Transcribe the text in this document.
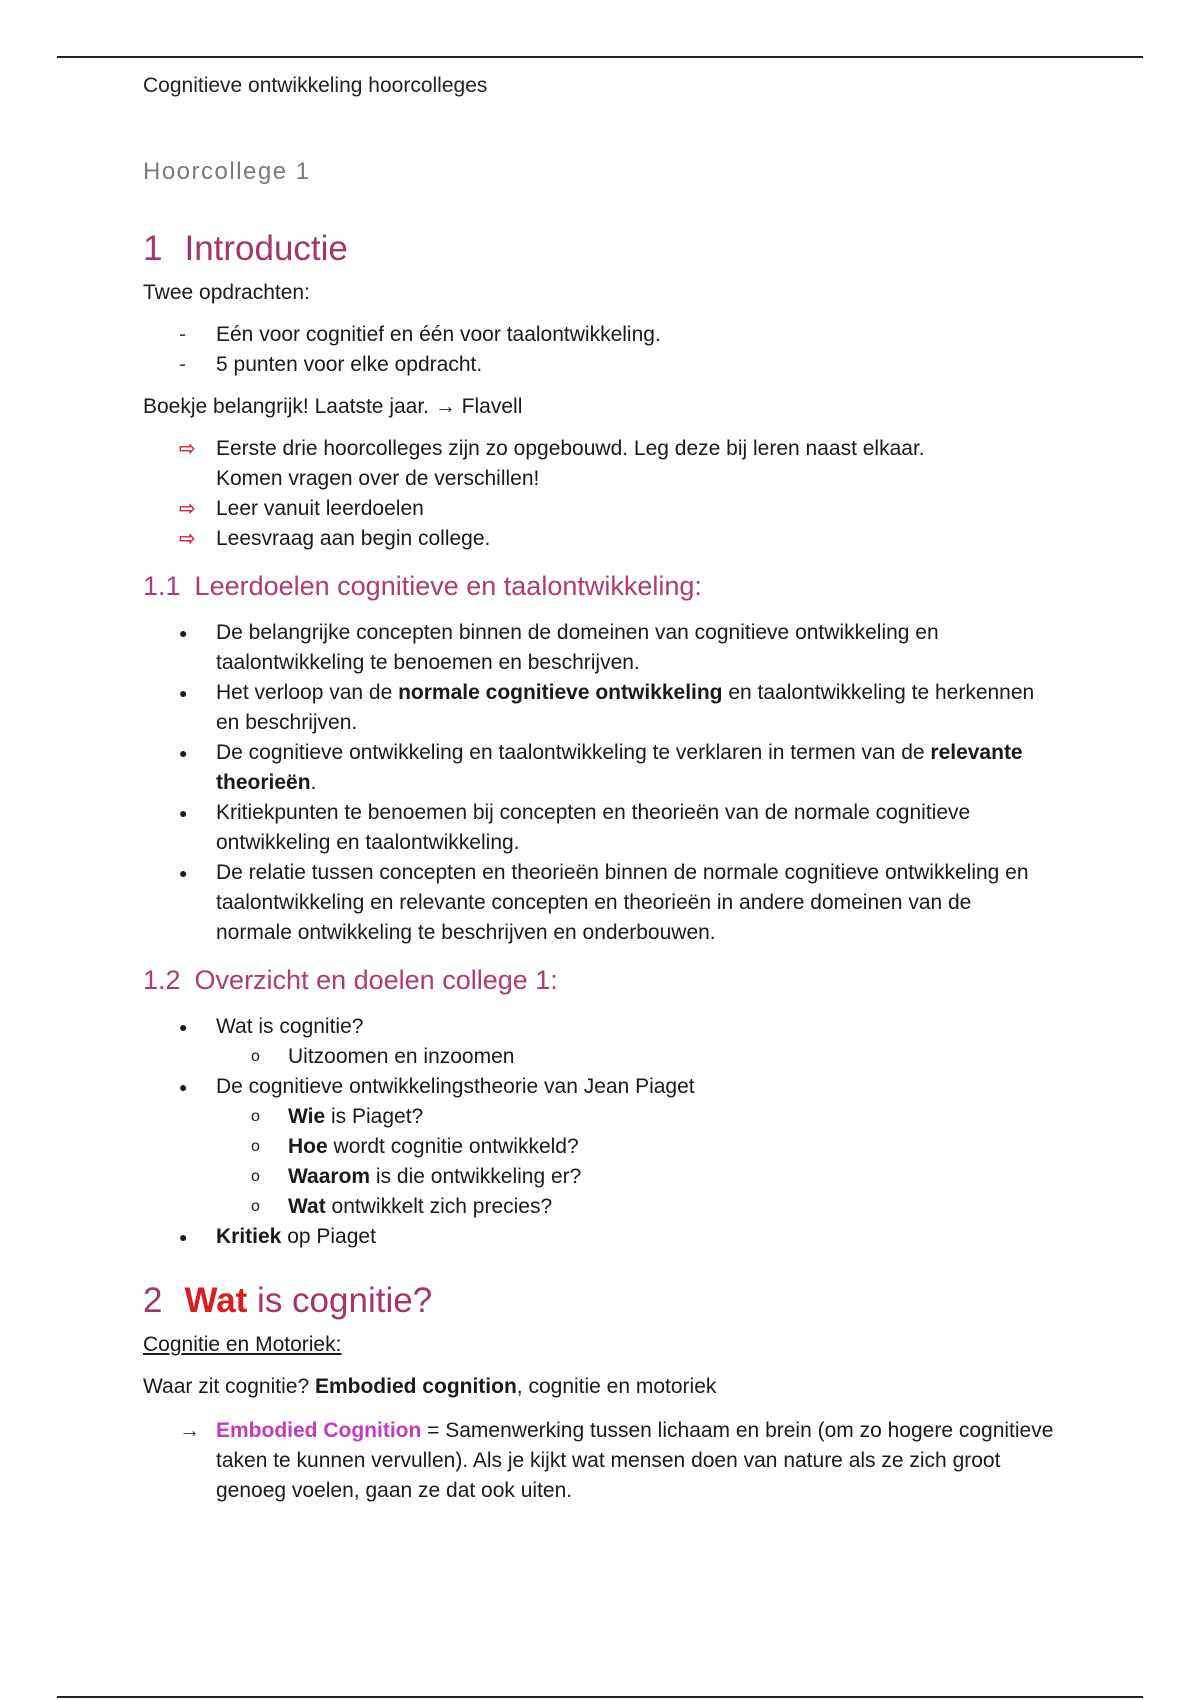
Cognitieve ontwikkeling hoorcolleges
Hoorcollege 1
1 Introductie

Twee opdrachten:

-	Eén voor cognitief en één voor taalontwikkeling.
-	5 punten voor elke opdracht.

Boekje belangrijk! Laatste jaar. → Flavell

⇨ Eerste drie hoorcolleges zijn zo opgebouwd. Leg deze bij leren naast elkaar. Komen vragen over de verschillen!
⇨ Leer vanuit leerdoelen
⇨ Leesvraag aan begin college.
1.1 Leerdoelen cognitieve en taalontwikkeling:
●	De belangrijke concepten binnen de domeinen van cognitieve ontwikkeling en taalontwikkeling te benoemen en beschrijven.
●	Het verloop van de normale cognitieve ontwikkeling en taalontwikkeling te herkennen en beschrijven.
●	De cognitieve ontwikkeling en taalontwikkeling te verklaren in termen van de relevante theorieën.
●	Kritiekpunten te benoemen bij concepten en theorieën van de normale cognitieve ontwikkeling en taalontwikkeling.
●	De relatie tussen concepten en theorieën binnen de normale cognitieve ontwikkeling en taalontwikkeling en relevante concepten en theorieën in andere domeinen van de normale ontwikkeling te beschrijven en onderbouwen.
1.2 Overzicht en doelen college 1:
●	Wat is cognitie?
o	Uitzoomen en inzoomen
●	De cognitieve ontwikkelingstheorie van Jean Piaget
o	Wie is Piaget?
o	Hoe wordt cognitie ontwikkeld?
o	Waarom is die ontwikkeling er?
o	Wat ontwikkelt zich precies?
●	Kritiek op Piaget
2 Wat is cognitie?

Cognitie en Motoriek:

Waar zit cognitie? Embodied cognition, cognitie en motoriek

→ Embodied Cognition = Samenwerking tussen lichaam en brein (om zo hogere cognitieve taken te kunnen vervullen). Als je kijkt wat mensen doen van nature als ze zich groot genoeg voelen, gaan ze dat ook uiten.
